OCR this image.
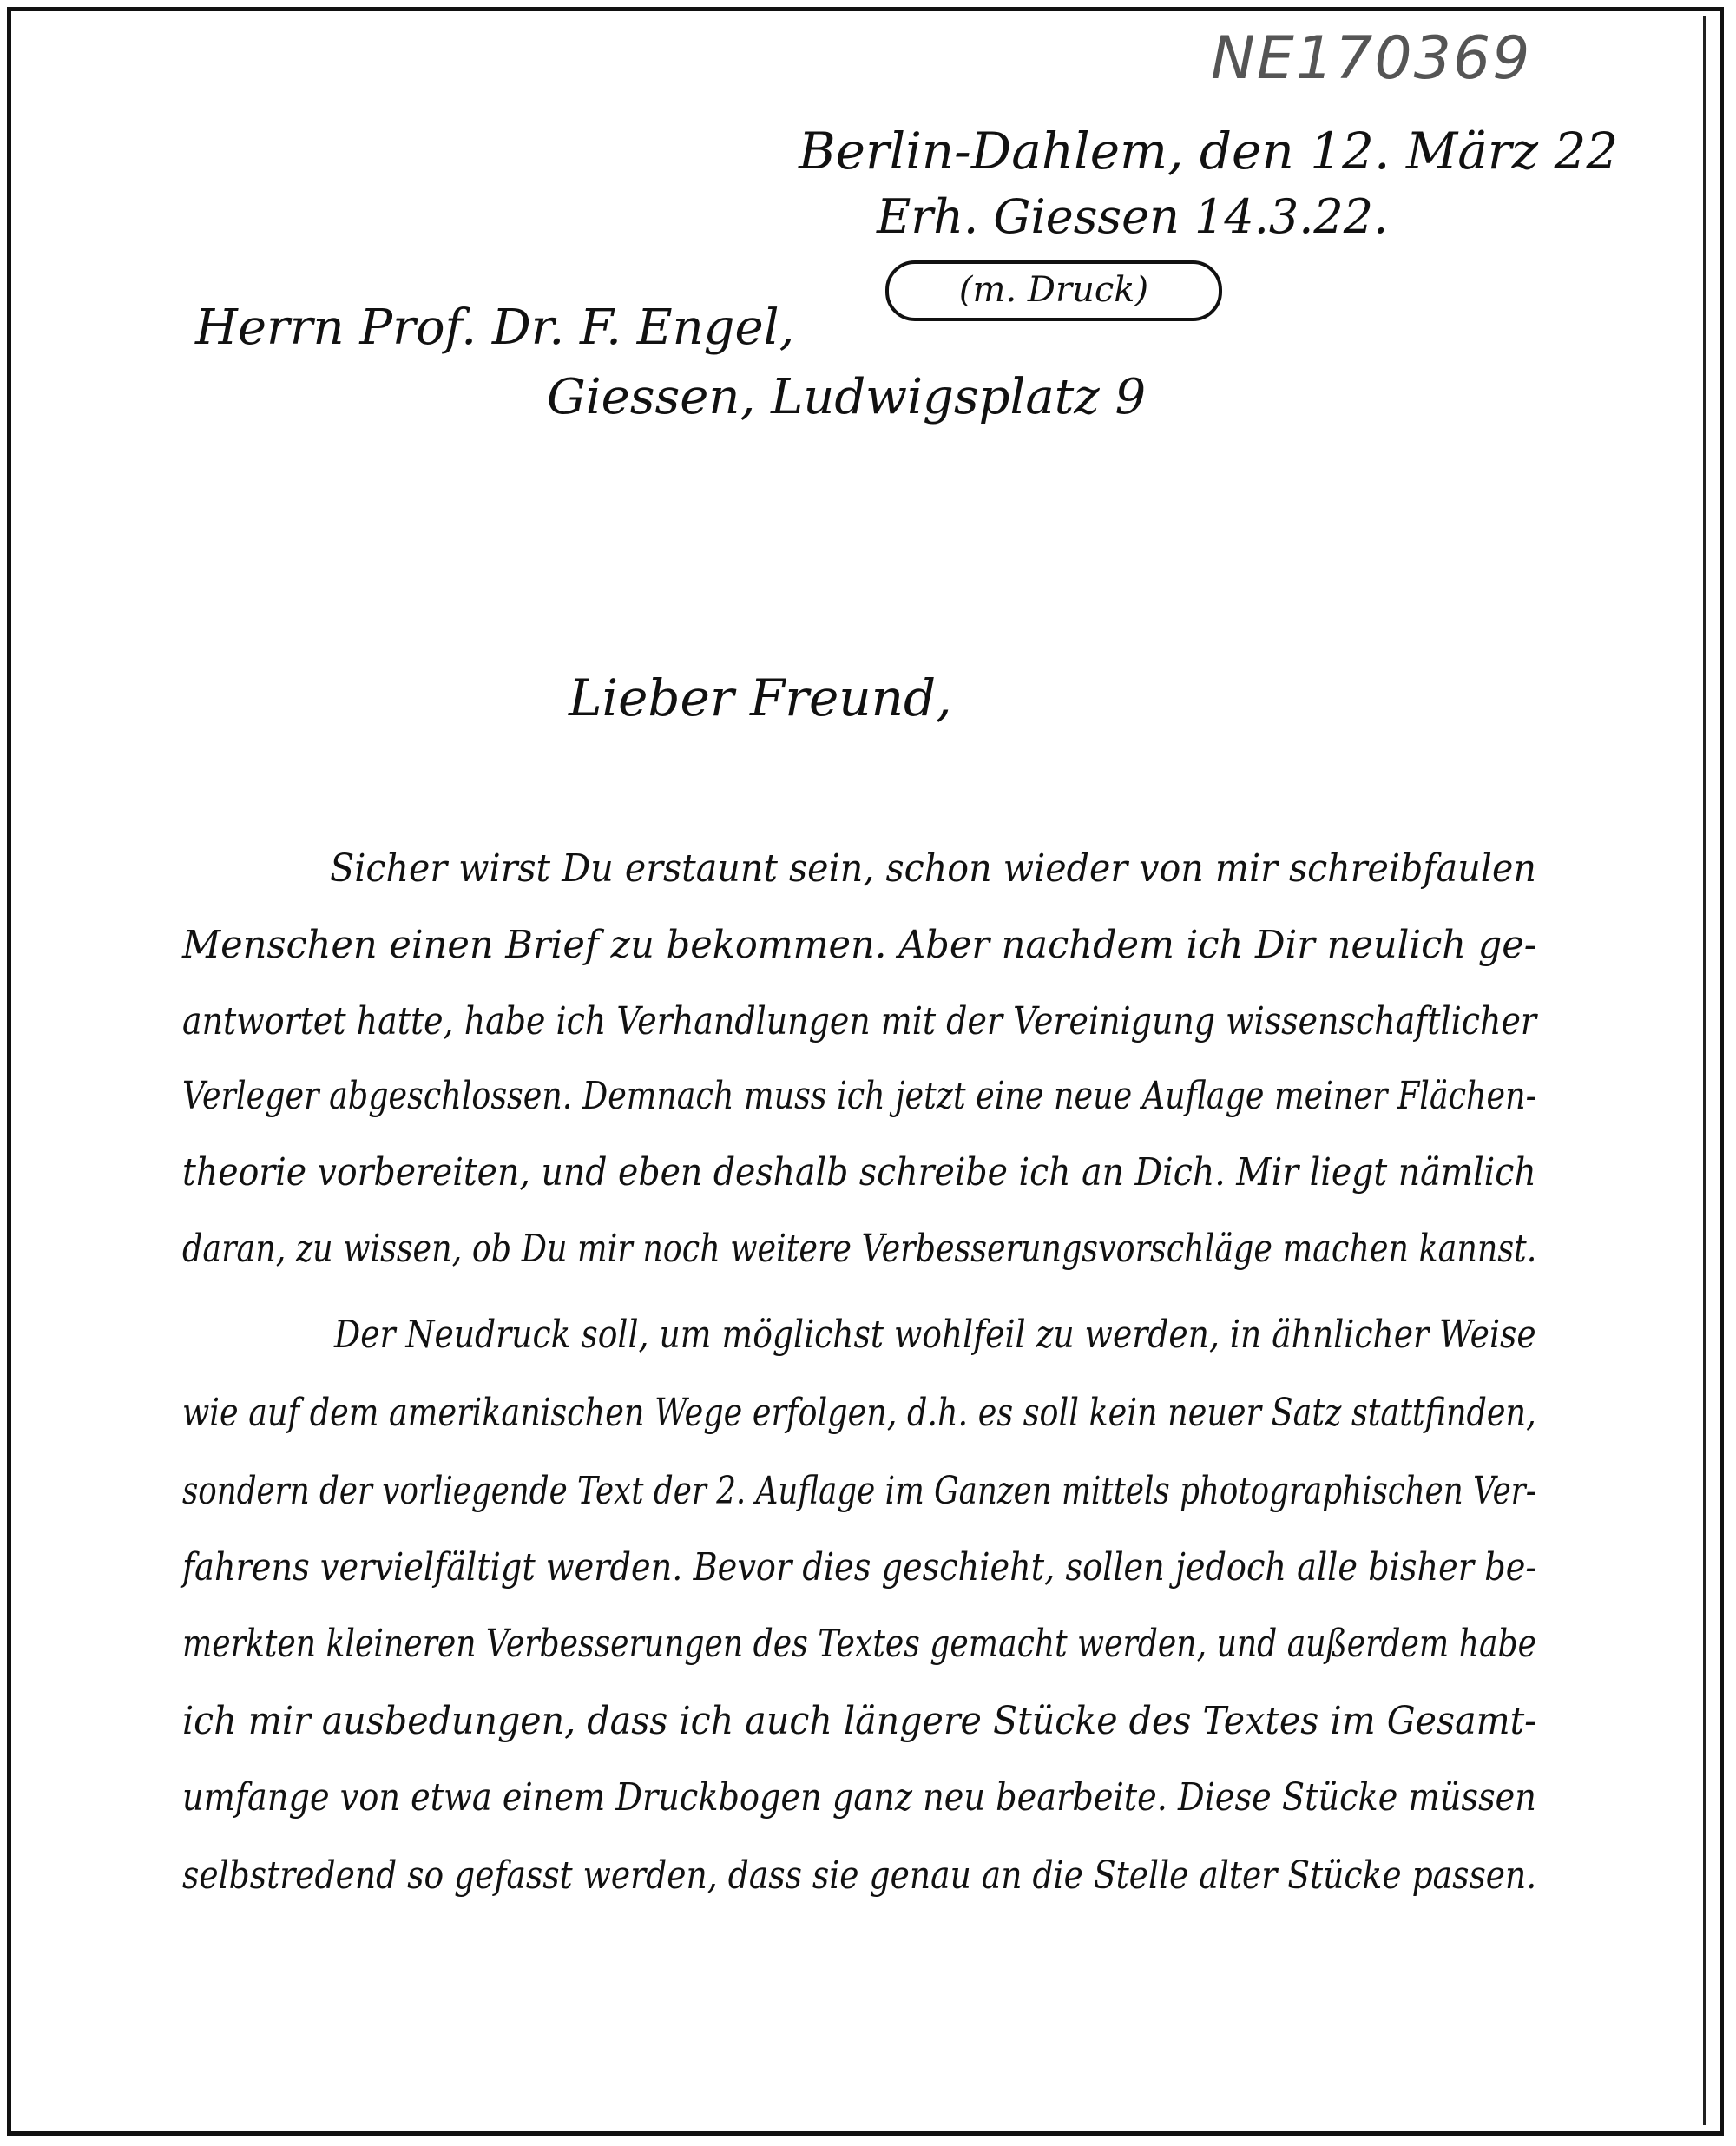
NE170369
Berlin-Dahlem, den 12. März 22
Erh. Giessen 14.3.22.
(m. Druck)
Herrn Prof. Dr. F. Engel,
Giessen, Ludwigsplatz 9
Lieber Freund,
Sicher wirst Du erstaunt sein, schon wieder von mir schreibfaulen
Menschen einen Brief zu bekommen. Aber nachdem ich Dir neulich ge-
antwortet hatte, habe ich Verhandlungen mit der Vereinigung wissenschaftlicher
Verleger abgeschlossen. Demnach muss ich jetzt eine neue Auflage meiner Flächen-
theorie vorbereiten, und eben deshalb schreibe ich an Dich. Mir liegt nämlich
daran, zu wissen, ob Du mir noch weitere Verbesserungsvorschläge machen kannst.
Der Neudruck soll, um möglichst wohlfeil zu werden, in ähnlicher Weise
wie auf dem amerikanischen Wege erfolgen, d.h. es soll kein neuer Satz stattfinden,
sondern der vorliegende Text der 2. Auflage im Ganzen mittels photographischen Ver-
fahrens vervielfältigt werden. Bevor dies geschieht, sollen jedoch alle bisher be-
merkten kleineren Verbesserungen des Textes gemacht werden, und außerdem habe
ich mir ausbedungen, dass ich auch längere Stücke des Textes im Gesamt-
umfange von etwa einem Druckbogen ganz neu bearbeite. Diese Stücke müssen
selbstredend so gefasst werden, dass sie genau an die Stelle alter Stücke passen.
